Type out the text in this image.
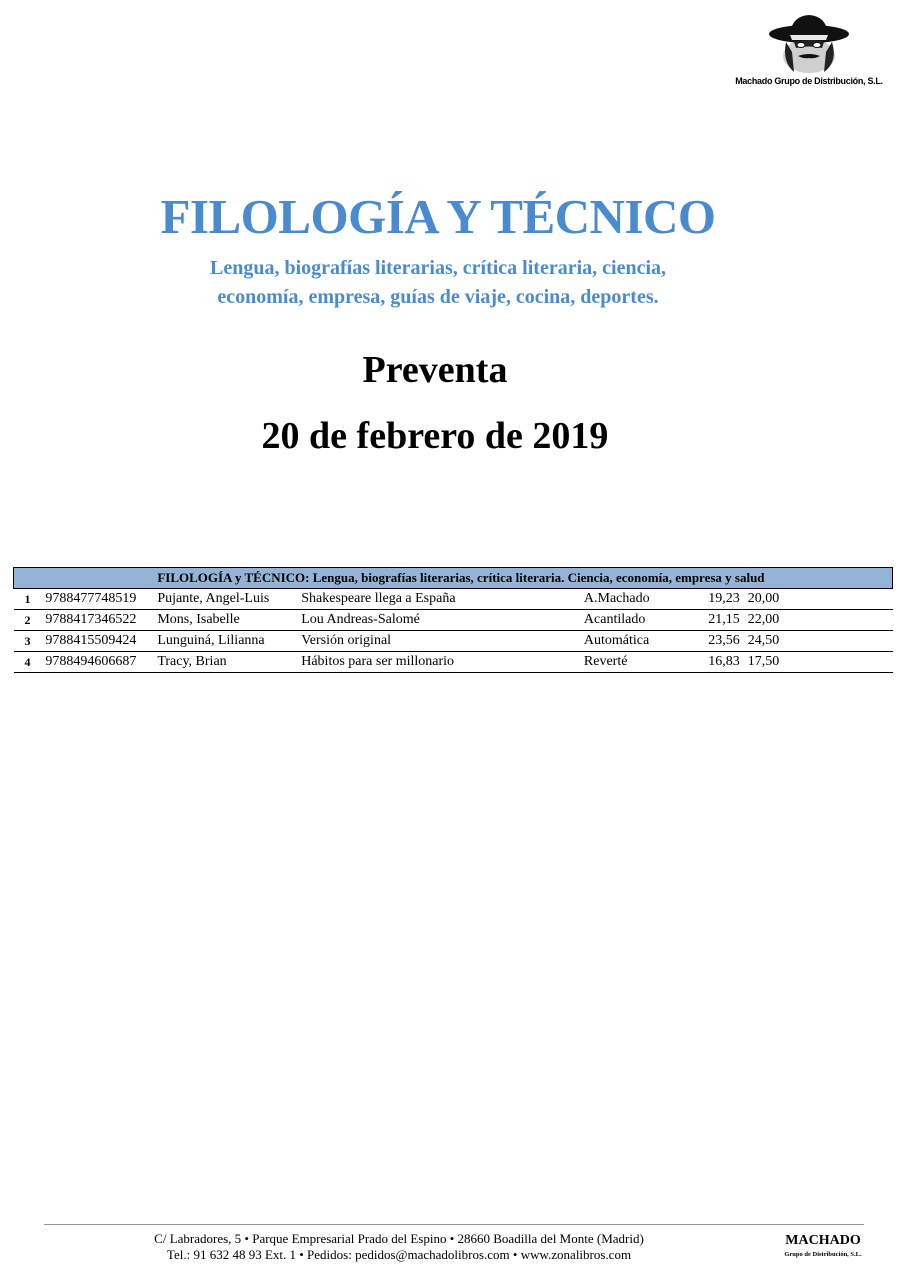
Machado Grupo de Distribución, S.L.
FILOLOGÍA Y TÉCNICO
Lengua, biografías literarias, crítica literaria, ciencia,
economía, empresa, guías de viaje, cocina, deportes.
Preventa
20 de febrero de 2019
		FILOLOGÍA y TÉCNICO: Lengua, biografías literarias, crítica literaria. Ciencia, economía, empresa y salud				
1	9788477748519	Pujante, Angel-Luis	Shakespeare llega a España	A.Machado	19,23	20,00
2	9788417346522	Mons, Isabelle	Lou Andreas-Salomé	Acantilado	21,15	22,00
3	9788415509424	Lunguiná, Lilianna	Versión original	Automática	23,56	24,50
4	9788494606687	Tracy, Brian	Hábitos para ser millonario	Reverté	16,83	17,50
C/ Labradores, 5 • Parque Empresarial Prado del Espino • 28660 Boadilla del Monte (Madrid)
Tel.: 91 632 48 93 Ext. 1 • Pedidos: pedidos@machadolibros.com • www.zonalibros.com
MACHADO
Grupo de Distribución, S.L.
